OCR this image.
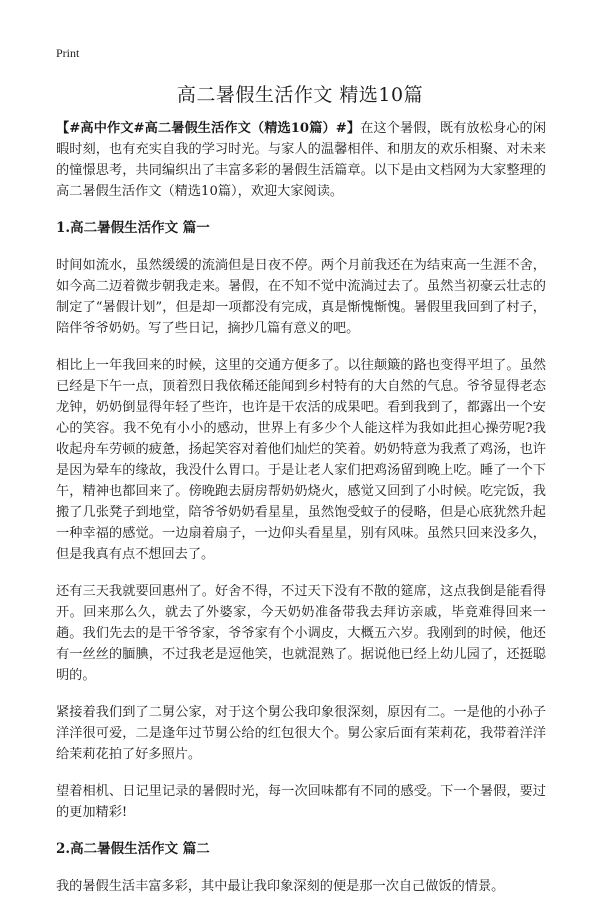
Print
高二暑假生活作文 精选10篇

【#高中作文#高二暑假生活作文（精选10篇）#】在这个暑假，既有放松身心的闲暇时刻，也有充实自我的学习时光。与家人的温馨相伴、和朋友的欢乐相聚、对未来的憧憬思考，共同编织出了丰富多彩的暑假生活篇章。以下是由文档网为大家整理的高二暑假生活作文（精选10篇），欢迎大家阅读。

1.高二暑假生活作文 篇一

时间如流水，虽然缓缓的流淌但是日夜不停。两个月前我还在为结束高一生涯不舍，如今高二迈着微步朝我走来。暑假，在不知不觉中流淌过去了。虽然当初豪云壮志的制定了“暑假计划”，但是却一项都没有完成，真是惭愧惭愧。暑假里我回到了村子，陪伴爷爷奶奶。写了些日记，摘抄几篇有意义的吧。

相比上一年我回来的时候，这里的交通方便多了。以往颠簸的路也变得平坦了。虽然已经是下午一点，顶着烈日我依稀还能闻到乡村特有的大自然的气息。爷爷显得老态龙钟，奶奶倒显得年轻了些许，也许是干农活的成果吧。看到我到了，都露出一个安心的笑容。我不免有小小的感动，世界上有多少个人能这样为我如此担心操劳呢?我收起舟车劳顿的疲惫，扬起笑容对着他们灿烂的笑着。奶奶特意为我煮了鸡汤，也许是因为晕车的缘故，我没什么胃口。于是让老人家们把鸡汤留到晚上吃。睡了一个下午，精神也都回来了。傍晚跑去厨房帮奶奶烧火，感觉又回到了小时候。吃完饭，我搬了几张凳子到地堂，陪爷爷奶奶看星星，虽然饱受蚊子的侵略，但是心底犹然升起一种幸福的感觉。一边扇着扇子，一边仰头看星星，别有风味。虽然只回来没多久，但是我真有点不想回去了。

还有三天我就要回惠州了。好舍不得，不过天下没有不散的筵席，这点我倒是能看得开。回来那么久，就去了外婆家，今天奶奶准备带我去拜访亲戚，毕竟难得回来一趟。我们先去的是干爷爷家，爷爷家有个小调皮，大概五六岁。我刚到的时候，他还有一丝丝的腼腆，不过我老是逗他笑，也就混熟了。据说他已经上幼儿园了，还挺聪明的。

紧接着我们到了二舅公家，对于这个舅公我印象很深刻，原因有二。一是他的小孙子洋洋很可爱，二是逢年过节舅公给的红包很大个。舅公家后面有茉莉花，我带着洋洋给茉莉花拍了好多照片。

望着相机、日记里记录的暑假时光，每一次回味都有不同的感受。下一个暑假，要过的更加精彩!

2.高二暑假生活作文 篇二

我的暑假生活丰富多彩，其中最让我印象深刻的便是那一次自己做饭的情景。
